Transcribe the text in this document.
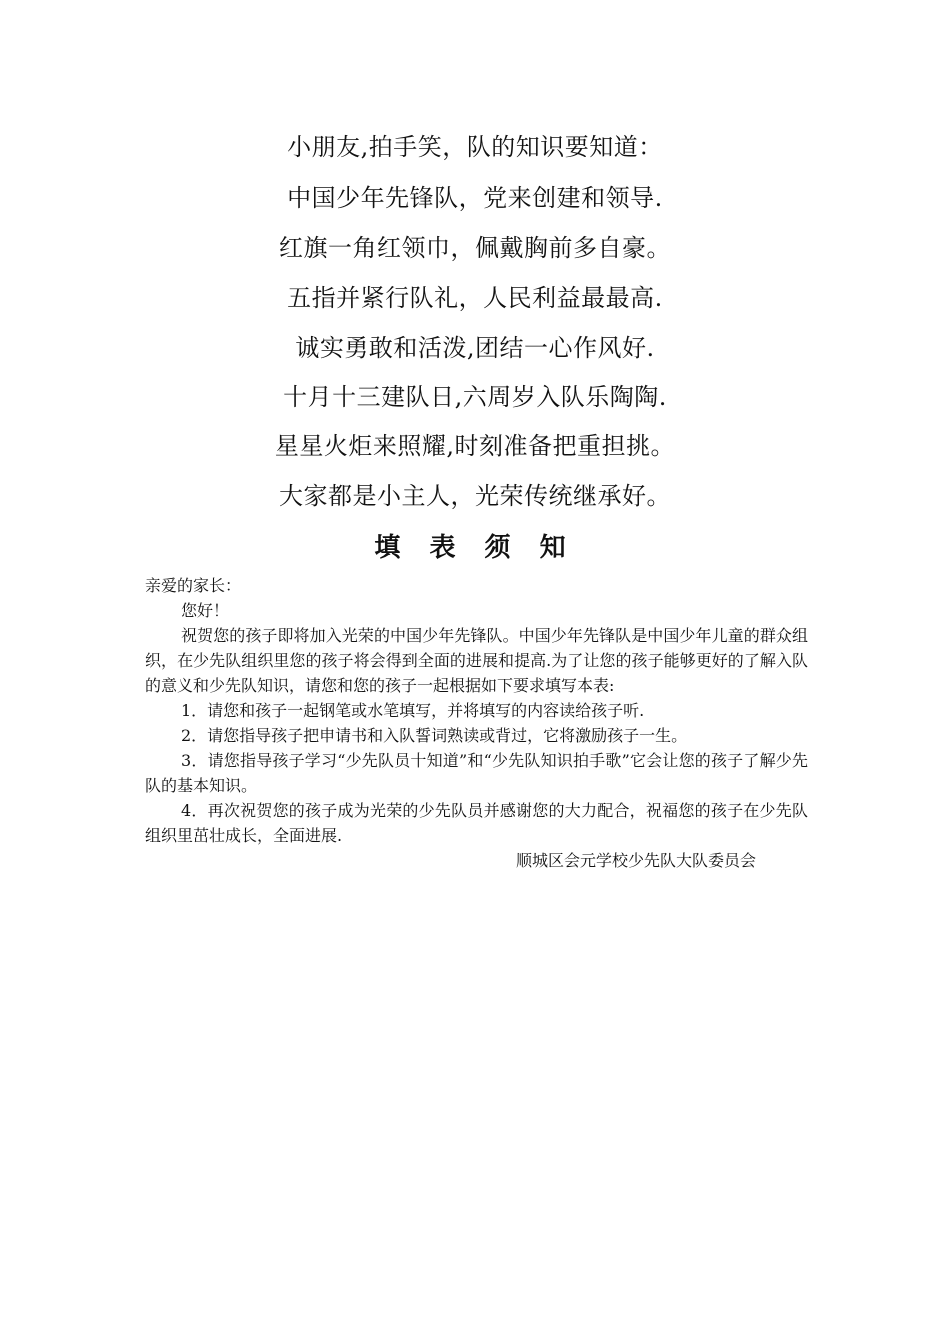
小朋友,拍手笑，队的知识要知道：
中国少年先锋队，党来创建和领导.
红旗一角红领巾，佩戴胸前多自豪。
五指并紧行队礼，人民利益最最高.
诚实勇敢和活泼,团结一心作风好.
十月十三建队日,六周岁入队乐陶陶.
星星火炬来照耀,时刻准备把重担挑。
大家都是小主人，光荣传统继承好。
填 表 须 知

亲爱的家长：

您好！

祝贺您的孩子即将加入光荣的中国少年先锋队。中国少年先锋队是中国少年儿童的群众组织，在少先队组织里您的孩子将会得到全面的进展和提高.为了让您的孩子能够更好的了解入队的意义和少先队知识，请您和您的孩子一起根据如下要求填写本表:

1．请您和孩子一起钢笔或水笔填写，并将填写的内容读给孩子听.

2．请您指导孩子把申请书和入队誓词熟读或背过，它将激励孩子一生。

3．请您指导孩子学习“少先队员十知道”和“少先队知识拍手歌”它会让您的孩子了解少先队的基本知识。

4．再次祝贺您的孩子成为光荣的少先队员并感谢您的大力配合，祝福您的孩子在少先队组织里茁壮成长，全面进展.

顺城区会元学校少先队大队委员会
